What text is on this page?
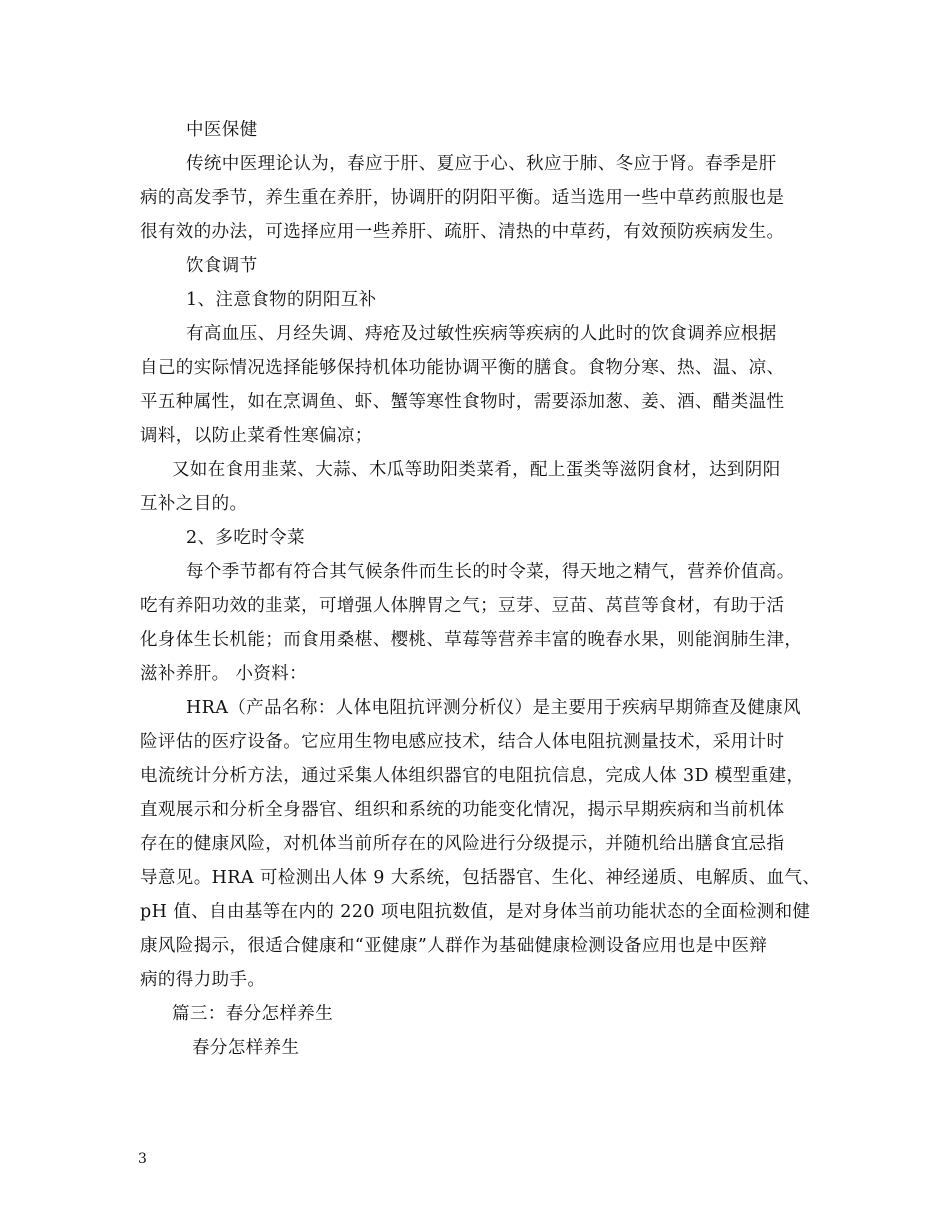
中医保健
传统中医理论认为，春应于肝、夏应于心、秋应于肺、冬应于肾。春季是肝
病的高发季节，养生重在养肝，协调肝的阴阳平衡。适当选用一些中草药煎服也是
很有效的办法，可选择应用一些养肝、疏肝、清热的中草药，有效预防疾病发生。
饮食调节
1、注意食物的阴阳互补
有高血压、月经失调、痔疮及过敏性疾病等疾病的人此时的饮食调养应根据
自己的实际情况选择能够保持机体功能协调平衡的膳食。食物分寒、热、温、凉、
平五种属性，如在烹调鱼、虾、蟹等寒性食物时，需要添加葱、姜、酒、醋类温性
调料，以防止菜肴性寒偏凉；
又如在食用韭菜、大蒜、木瓜等助阳类菜肴，配上蛋类等滋阴食材，达到阴阳
互补之目的。
2、多吃时令菜
每个季节都有符合其气候条件而生长的时令菜，得天地之精气，营养价值高。
吃有养阳功效的韭菜，可增强人体脾胃之气；豆芽、豆苗、莴苣等食材，有助于活
化身体生长机能；而食用桑椹、樱桃、草莓等营养丰富的晚春水果，则能润肺生津，
滋补养肝。 小资料：
HRA（产品名称：人体电阻抗评测分析仪）是主要用于疾病早期筛查及健康风
险评估的医疗设备。它应用生物电感应技术，结合人体电阻抗测量技术，采用计时
电流统计分析方法，通过采集人体组织器官的电阻抗信息，完成人体 3D 模型重建，
直观展示和分析全身器官、组织和系统的功能变化情况，揭示早期疾病和当前机体
存在的健康风险，对机体当前所存在的风险进行分级提示，并随机给出膳食宜忌指
导意见。HRA 可检测出人体 9 大系统，包括器官、生化、神经递质、电解质、血气、
pH 值、自由基等在内的 220 项电阻抗数值，是对身体当前功能状态的全面检测和健
康风险揭示，很适合健康和“亚健康”人群作为基础健康检测设备应用也是中医辩
病的得力助手。
篇三：春分怎样养生
春分怎样养生
3
